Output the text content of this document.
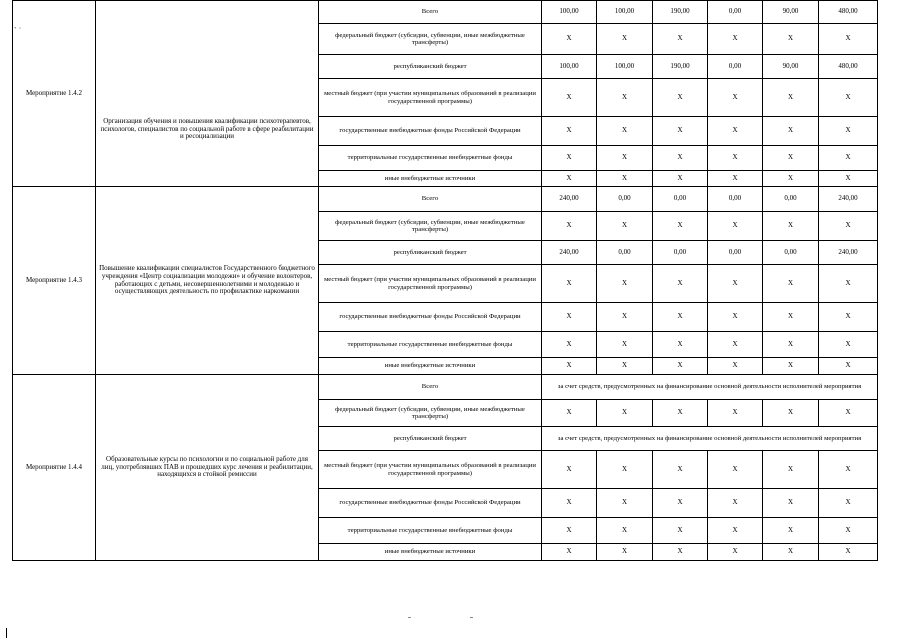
` ˙
Мероприятие 1.4.2	Организация обучения и повышения квалификации психотерапевтов, психологов, специалистов по социальной работе в сфере реабилитации и ресоциализации	Всего	100,00	100,00	190,00	0,00	90,00	480,00
		федеральный бюджет (субсидии, субвенции, иные межбюджетные трансферты)	X	X	X	X	X	X
		республиканский бюджет	100,00	100,00	190,00	0,00	90,00	480,00
		местный бюджет (при участии муниципальных образований в реализации государственной программы)	X	X	X	X	X	X
		государственные внебюджетные фонды Российской Федерации	X	X	X	X	X	X
		территориальные государственные внебюджетные фонды	X	X	X	X	X	X
		иные внебюджетные источники	X	X	X	X	X	X
Мероприятие 1.4.3	Повышение квалификации специалистов Государственного бюджетного учреждения «Центр социализации молодежи» и обучение волонтеров, работающих с детьми, несовершеннолетними и молодежью и осуществляющих деятельность по профилактике наркомании	Всего	240,00	0,00	0,00	0,00	0,00	240,00
		федеральный бюджет (субсидии, субвенции, иные межбюджетные трансферты)	X	X	X	X	X	X
		республиканский бюджет	240,00	0,00	0,00	0,00	0,00	240,00
		местный бюджет (при участии муниципальных образований в реализации государственной программы)	X	X	X	X	X	X
		государственные внебюджетные фонды Российской Федерации	X	X	X	X	X	X
		территориальные государственные внебюджетные фонды	X	X	X	X	X	X
		иные внебюджетные источники	X	X	X	X	X	X
Мероприятие 1.4.4	Образовательные курсы по психологии и по социальной работе для лиц, употреблявших ПАВ и прошедших курс лечения и реабилитации, находящихся в стойкой ремиссии	Всего	за счет средств, предусмотренных на финансирование основной деятельности исполнителей мероприятия					
		федеральный бюджет (субсидии, субвенции, иные межбюджетные трансферты)	X	X	X	X	X	X
		республиканский бюджет	за счет средств, предусмотренных на финансирование основной деятельности исполнителей мероприятия					
		местный бюджет (при участии муниципальных образований в реализации государственной программы)	X	X	X	X	X	X
		государственные внебюджетные фонды Российской Федерации	X	X	X	X	X	X
		территориальные государственные внебюджетные фонды	X	X	X	X	X	X
		иные внебюджетные источники	X	X	X	X	X	X
